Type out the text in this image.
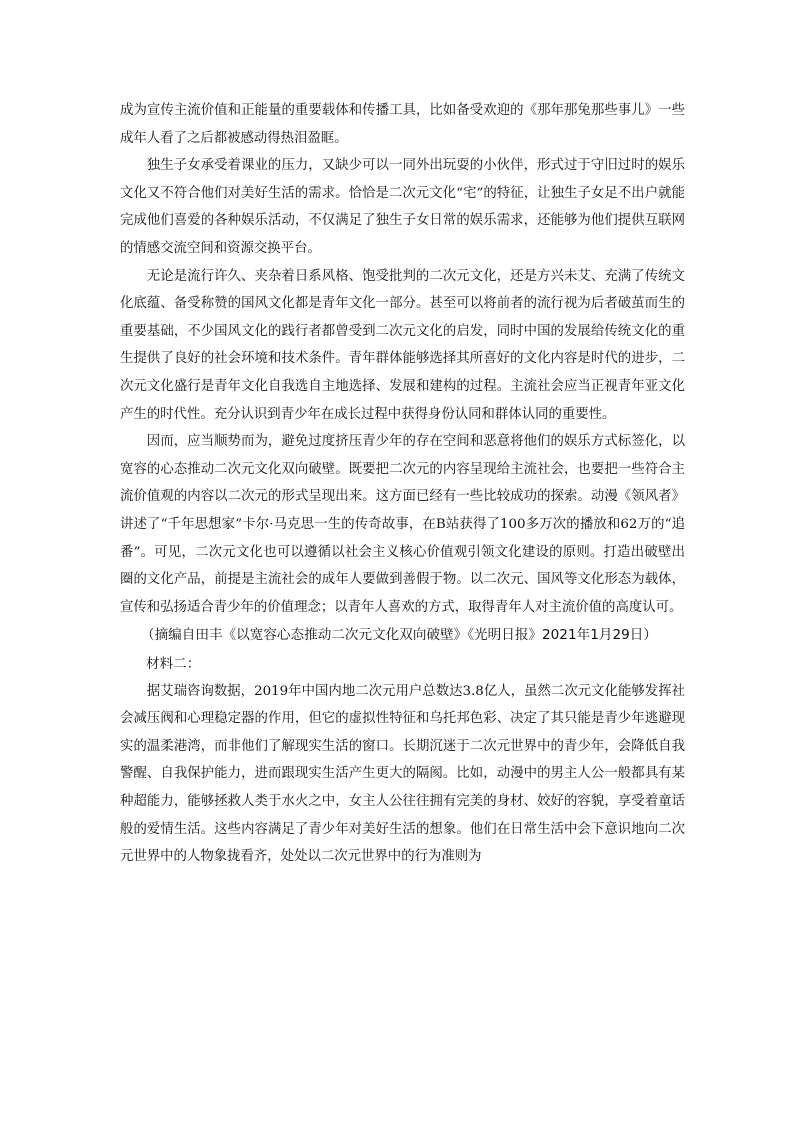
成为宣传主流价值和正能量的重要载体和传播工具，比如备受欢迎的《那年那兔那些事儿》一些成年人看了之后都被感动得热泪盈眶。

独生子女承受着课业的压力，又缺少可以一同外出玩耍的小伙伴，形式过于守旧过时的娱乐文化又不符合他们对美好生活的需求。恰恰是二次元文化“宅”的特征，让独生子女足不出户就能完成他们喜爱的各种娱乐活动，不仅满足了独生子女日常的娱乐需求，还能够为他们提供互联网的情感交流空间和资源交换平台。

无论是流行许久、夹杂着日系风格、饱受批判的二次元文化，还是方兴未艾、充满了传统文化底蕴、备受称赞的国风文化都是青年文化一部分。甚至可以将前者的流行视为后者破茧而生的重要基础，不少国风文化的践行者都曾受到二次元文化的启发，同时中国的发展给传统文化的重生提供了良好的社会环境和技术条件。青年群体能够选择其所喜好的文化内容是时代的进步，二次元文化盛行是青年文化自我选自主地选择、发展和建构的过程。主流社会应当正视青年亚文化产生的时代性。充分认识到青少年在成长过程中获得身份认同和群体认同的重要性。

因而，应当顺势而为，避免过度挤压青少年的存在空间和恶意将他们的娱乐方式标签化，以宽容的心态推动二次元文化双向破壁。既要把二次元的内容呈现给主流社会，也要把一些符合主流价值观的内容以二次元的形式呈现出来。这方面已经有一些比较成功的探索。动漫《领风者》讲述了“千年思想家”卡尔·马克思一生的传奇故事，在B站获得了100多万次的播放和62万的“追番”。可见，二次元文化也可以遵循以社会主义核心价值观引领文化建设的原则。打造出破壁出圈的文化产品，前提是主流社会的成年人要做到善假于物。以二次元、国风等文化形态为载体，宣传和弘扬适合青少年的价值理念；以青年人喜欢的方式，取得青年人对主流价值的高度认可。

（摘编自田丰《以宽容心态推动二次元文化双向破壁》《光明日报》2021年1月29日）

材料二：

据艾瑞咨询数据，2019年中国内地二次元用户总数达3.8亿人，虽然二次元文化能够发挥社会减压阀和心理稳定器的作用，但它的虚拟性特征和乌托邦色彩、决定了其只能是青少年逃避现实的温柔港湾，而非他们了解现实生活的窗口。长期沉迷于二次元世界中的青少年，会降低自我警醒、自我保护能力，进而跟现实生活产生更大的隔阂。比如，动漫中的男主人公一般都具有某种超能力，能够拯救人类于水火之中，女主人公往往拥有完美的身材、姣好的容貌，享受着童话般的爱情生活。这些内容满足了青少年对美好生活的想象。他们在日常生活中会下意识地向二次元世界中的人物象拢看齐，处处以二次元世界中的行为准则为
